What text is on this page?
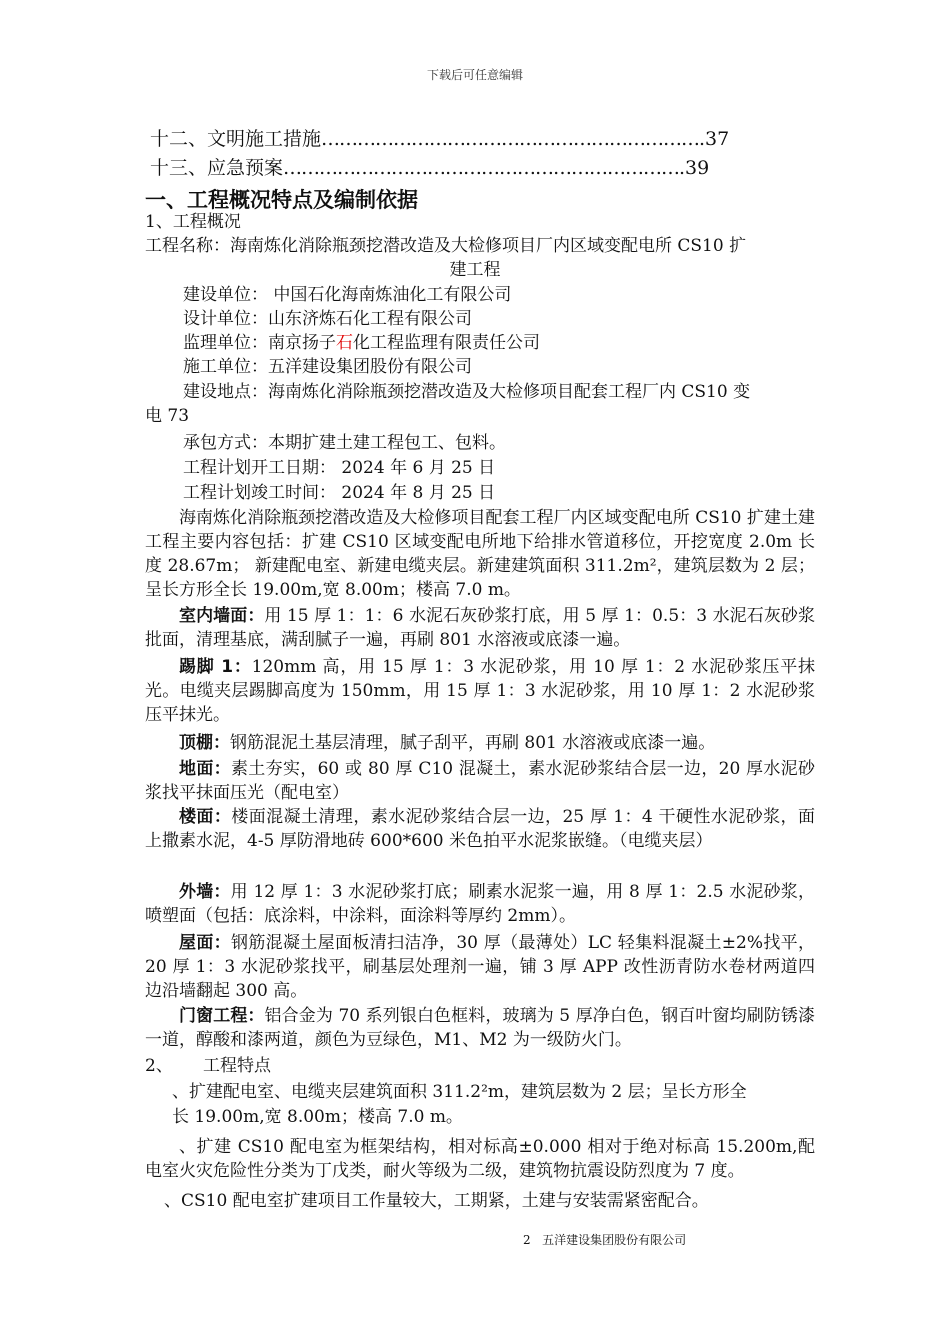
下载后可任意编辑
十二、文明施工措施……………………………………………………….37
十三、应急预案………………………………………………………….39
一、工程概况特点及编制依据
1、工程概况
工程名称：海南炼化消除瓶颈挖潜改造及大检修项目厂内区域变配电所 CS10 扩
建工程
建设单位： 中国石化海南炼油化工有限公司
设计单位：山东济炼石化工程有限公司
监理单位：南京扬子石化工程监理有限责任公司
施工单位：五洋建设集团股份有限公司
建设地点：海南炼化消除瓶颈挖潜改造及大检修项目配套工程厂内 CS10 变
电 73
承包方式：本期扩建土建工程包工、包料。
工程计划开工日期： 2024 年 6 月 25 日
工程计划竣工时间： 2024 年 8 月 25 日
海南炼化消除瓶颈挖潜改造及大检修项目配套工程厂内区域变配电所 CS10 扩建土建工程主要内容包括：扩建 CS10 区域变配电所地下给排水管道移位，开挖宽度 2.0m 长度 28.67m； 新建配电室、新建电缆夹层。新建建筑面积 311.2m²，建筑层数为 2 层；呈长方形全长 19.00m,宽 8.00m；楼高 7.0 m。
室内墙面：用 15 厚 1：1：6 水泥石灰砂浆打底，用 5 厚 1：0.5：3 水泥石灰砂浆批面，清理基底，满刮腻子一遍，再刷 801 水溶液或底漆一遍。
踢脚 1：120mm 高，用 15 厚 1：3 水泥砂浆，用 10 厚 1：2 水泥砂浆压平抹光。电缆夹层踢脚高度为 150mm，用 15 厚 1：3 水泥砂浆，用 10 厚 1：2 水泥砂浆压平抹光。
顶棚：钢筋混泥土基层清理，腻子刮平，再刷 801 水溶液或底漆一遍。
地面：素土夯实，60 或 80 厚 C10 混凝土，素水泥砂浆结合层一边，20 厚水泥砂浆找平抹面压光（配电室）
楼面：楼面混凝土清理，素水泥砂浆结合层一边，25 厚 1：4 干硬性水泥砂浆，面上撒素水泥，4-5 厚防滑地砖 600*600 米色拍平水泥浆嵌缝。（电缆夹层）
外墙：用 12 厚 1：3 水泥砂浆打底；刷素水泥浆一遍，用 8 厚 1：2.5 水泥砂浆，喷塑面（包括：底涂料，中涂料，面涂料等厚约 2mm）。
屋面：钢筋混凝土屋面板清扫洁净，30 厚（最薄处）LC 轻集料混凝土±2%找平，20 厚 1：3 水泥砂浆找平，刷基层处理剂一遍，铺 3 厚 APP 改性沥青防水卷材两道四边沿墙翻起 300 高。
门窗工程：铝合金为 70 系列银白色框料，玻璃为 5 厚净白色，钢百叶窗均刷防锈漆一道，醇酸和漆两道，颜色为豆绿色，M1、M2 为一级防火门。
2、 工程特点
、扩建配电室、电缆夹层建筑面积 311.2²m，建筑层数为 2 层；呈长方形全
长 19.00m,宽 8.00m；楼高 7.0 m。
、扩建 CS10 配电室为框架结构，相对标高±0.000 相对于绝对标高 15.200m,配电室火灾危险性分类为丁戊类，耐火等级为二级，建筑物抗震设防烈度为 7 度。
、CS10 配电室扩建项目工作量较大，工期紧，土建与安装需紧密配合。
2 五洋建设集团股份有限公司
